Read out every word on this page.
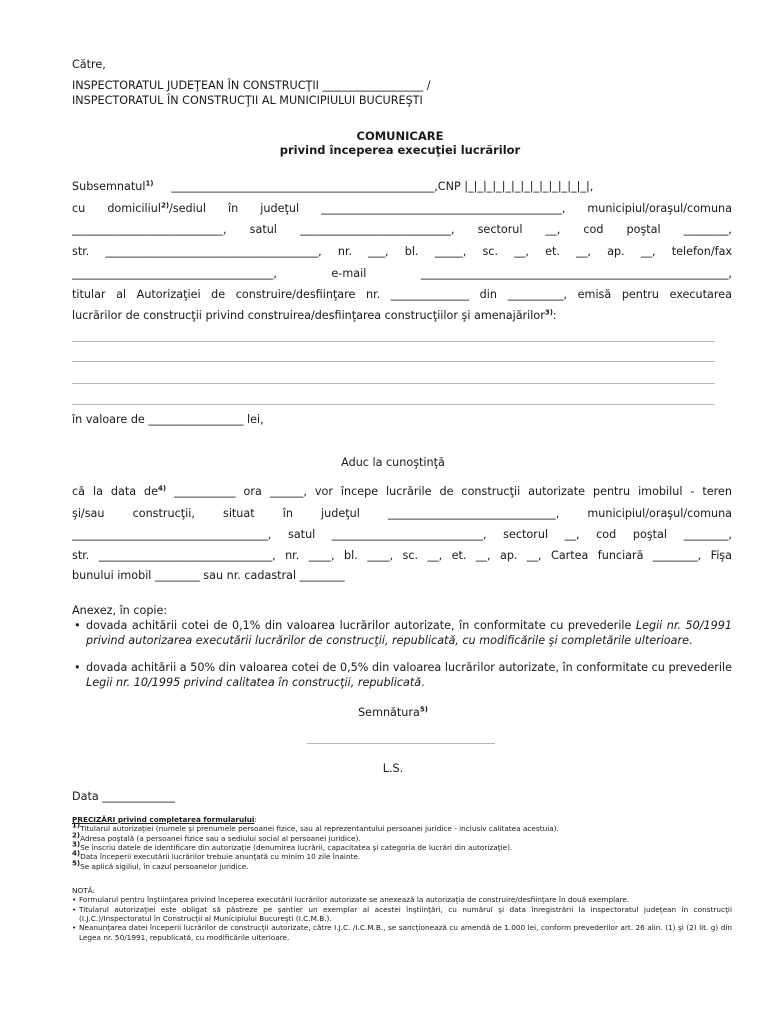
Către,
INSPECTORATUL JUDEŢEAN ÎN CONSTRUCŢII __________________ /
INSPECTORATUL ÎN CONSTRUCŢII AL MUNICIPIULUI BUCUREŞTI
COMUNICARE
privind începerea execuţiei lucrărilor
Subsemnatul$^{1)}$ _______________________________________________,CNP |_|_|_|_|_|_|_|_|_|_|_|_|_|,
cu domiciliul$^{2)}$/sediul în judeţul ___________________________________________, municipiul/oraşul/comuna
___________________________, satul ___________________________, sectorul __, cod poştal ________,
str. ______________________________________, nr. ___, bl. _____, sc. __, et. __, ap. __, telefon/fax
____________________________________, e-mail _______________________________________________________,
titular al Autorizaţiei de construire/desfiinţare nr. ______________ din __________, emisă pentru executarea
lucrărilor de construcţii privind construirea/desfiinţarea construcţiilor şi amenajărilor$^{3)}$:
în valoare de _________________ lei,
Aduc la cunoştinţă
că la data $de^{4)}$ ___________ ora ______, vor începe lucrările de construcţii autorizate pentru imobilul - teren
şi/sau	construcţii,	situat	în	judeţul	______________________________,	municipiul/oraşul/comuna
___________________________________, satul ___________________________, sectorul __, cod poştal ________,
str. _______________________________, nr. ____, bl. ____, sc. __, et. __, ap. __, Cartea funciară ________, Fişa
bunului imobil ________ sau nr. cadastral ________
Anexez, în copie:
• dovada achitării cotei de 0,1% din valoarea lucrărilor autorizate, în conformitate cu prevederile Legii nr. 50/1991 privind autorizarea executării lucrărilor de construcţii, republicată, cu modificările şi completările ulterioare.
• dovada achitării a 50% din valoarea cotei de 0,5% din valoarea lucrărilor autorizate, în conformitate cu prevederile Legii nr. 10/1995 privind calitatea în construcţii, republicată.
Semnătura$^{5)}$
L.S.
Data _____________
PRECIZĂRI privind completarea formularului:
$^{1)}$Titularul autorizaţiei (numele şi prenumele persoanei fizice, sau al reprezentantului persoanei juridice - inclusiv calitatea acestuia).
$^{2)}$Adresa poştală (a persoanei fizice sau a sediului social al persoanei juridice).
$^{3)}$Se înscriu datele de identificare din autorizaţie (denumirea lucrării, capacitatea şi categoria de lucrări din autorizaţie).
$^{4)}$Data începerii executării lucrărilor trebuie anunţată cu minim 10 zile înainte.
$^{5)}$Se aplică sigiliul, în cazul persoanelor juridice.
NOTĂ:
• Formularul pentru înştiinţarea privind începerea executării lucrărilor autorizate se anexează la autorizaţia de construire/desfiinţare în două exemplare.
• Titularul autorizaţiei este obligat să păstreze pe şantier un exemplar al acestei înştiinţări, cu numărul şi data înregistrării la inspectoratul judeţean în construcţii (I.J.C.)/Inspectoratul în Construcţii al Municipiului Bucureşti (I.C.M.B.).
• Neanunţarea datei începerii lucrărilor de construcţii autorizate, către I.J.C. /I.C.M.B., se sancţionează cu amendă de 1.000 lei, conform prevederilor art. 26 alin. (1) şi (2) lit. g) din Legea nr. 50/1991, republicată, cu modificările ulterioare.
